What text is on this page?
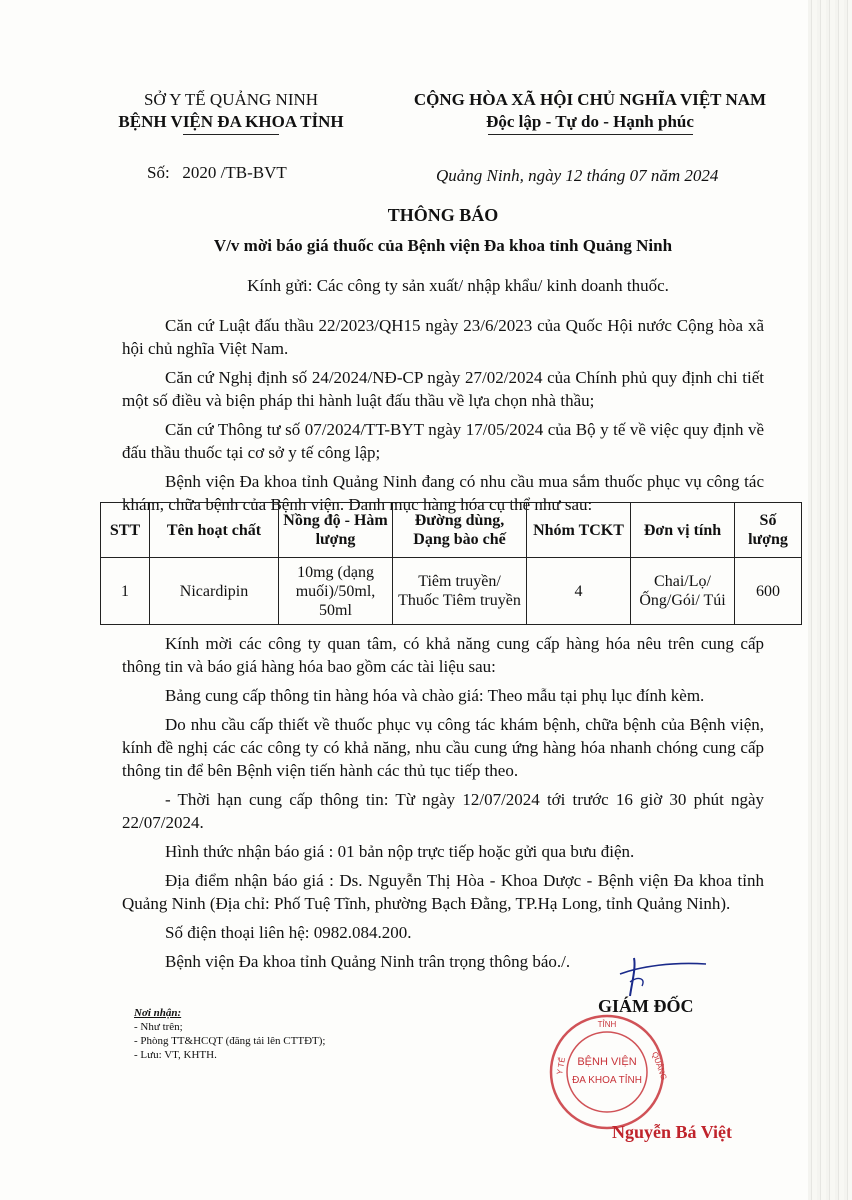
SỞ Y TẾ QUẢNG NINH
BỆNH VIỆN ĐA KHOA TỈNH
CỘNG HÒA XÃ HỘI CHỦ NGHĨA VIỆT NAM
Độc lập - Tự do - Hạnh phúc
Số:   2020 /TB-BVT	Quảng Ninh, ngày 12 tháng 07 năm 2024
THÔNG BÁO
V/v mời báo giá thuốc của Bệnh viện Đa khoa tỉnh Quảng Ninh
Kính gửi: Các công ty sản xuất/ nhập khẩu/ kinh doanh thuốc.

Căn cứ Luật đấu thầu 22/2023/QH15 ngày 23/6/2023 của Quốc Hội nước Cộng hòa xã hội chủ nghĩa Việt Nam.

Căn cứ Nghị định số 24/2024/NĐ-CP ngày 27/02/2024 của Chính phủ quy định chi tiết một số điều và biện pháp thi hành luật đấu thầu về lựa chọn nhà thầu;

Căn cứ Thông tư số 07/2024/TT-BYT ngày 17/05/2024 của Bộ y tế về việc quy định về đấu thầu thuốc tại cơ sở y tế công lập;

Bệnh viện Đa khoa tỉnh Quảng Ninh đang có nhu cầu mua sắm thuốc phục vụ công tác khám, chữa bệnh của Bệnh viện. Danh mục hàng hóa cụ thể như sau:

STT	Tên hoạt chất	Nồng độ - Hàm lượng	Đường dùng, Dạng bào chế	Nhóm TCKT	Đơn vị tính	Số lượng
1	Nicardipin	10mg (dạng muối)/50ml, 50ml	Tiêm truyền/ Thuốc Tiêm truyền	4	Chai/Lọ/ Ống/Gói/ Túi	600

Kính mời các công ty quan tâm, có khả năng cung cấp hàng hóa nêu trên cung cấp thông tin và báo giá hàng hóa bao gồm các tài liệu sau:

Bảng cung cấp thông tin hàng hóa và chào giá: Theo mẫu tại phụ lục đính kèm.

Do nhu cầu cấp thiết về thuốc phục vụ công tác khám bệnh, chữa bệnh của Bệnh viện, kính đề nghị các các công ty có khả năng, nhu cầu cung ứng hàng hóa nhanh chóng cung cấp thông tin để bên Bệnh viện tiến hành các thủ tục tiếp theo.

- Thời hạn cung cấp thông tin: Từ ngày 12/07/2024 tới trước 16 giờ 30 phút ngày 22/07/2024.

Hình thức nhận báo giá : 01 bản nộp trực tiếp hoặc gửi qua bưu điện.

Địa điểm nhận báo giá : Ds. Nguyễn Thị Hòa - Khoa Dược - Bệnh viện Đa khoa tỉnh Quảng Ninh (Địa chỉ: Phố Tuệ Tĩnh, phường Bạch Đằng, TP.Hạ Long, tỉnh Quảng Ninh).

Số điện thoại liên hệ: 0982.084.200.

Bệnh viện Đa khoa tỉnh Quảng Ninh trân trọng thông báo./.

Nơi nhận:
- Như trên;
- Phòng TT&HCQT (đăng tải lên CTTĐT);
- Lưu: VT, KHTH.
GIÁM ĐỐC
TỈNH
BỆNH VIỆN
ĐA KHOA TỈNH
Y TẾ	QUẢNG
Nguyễn Bá Việt
